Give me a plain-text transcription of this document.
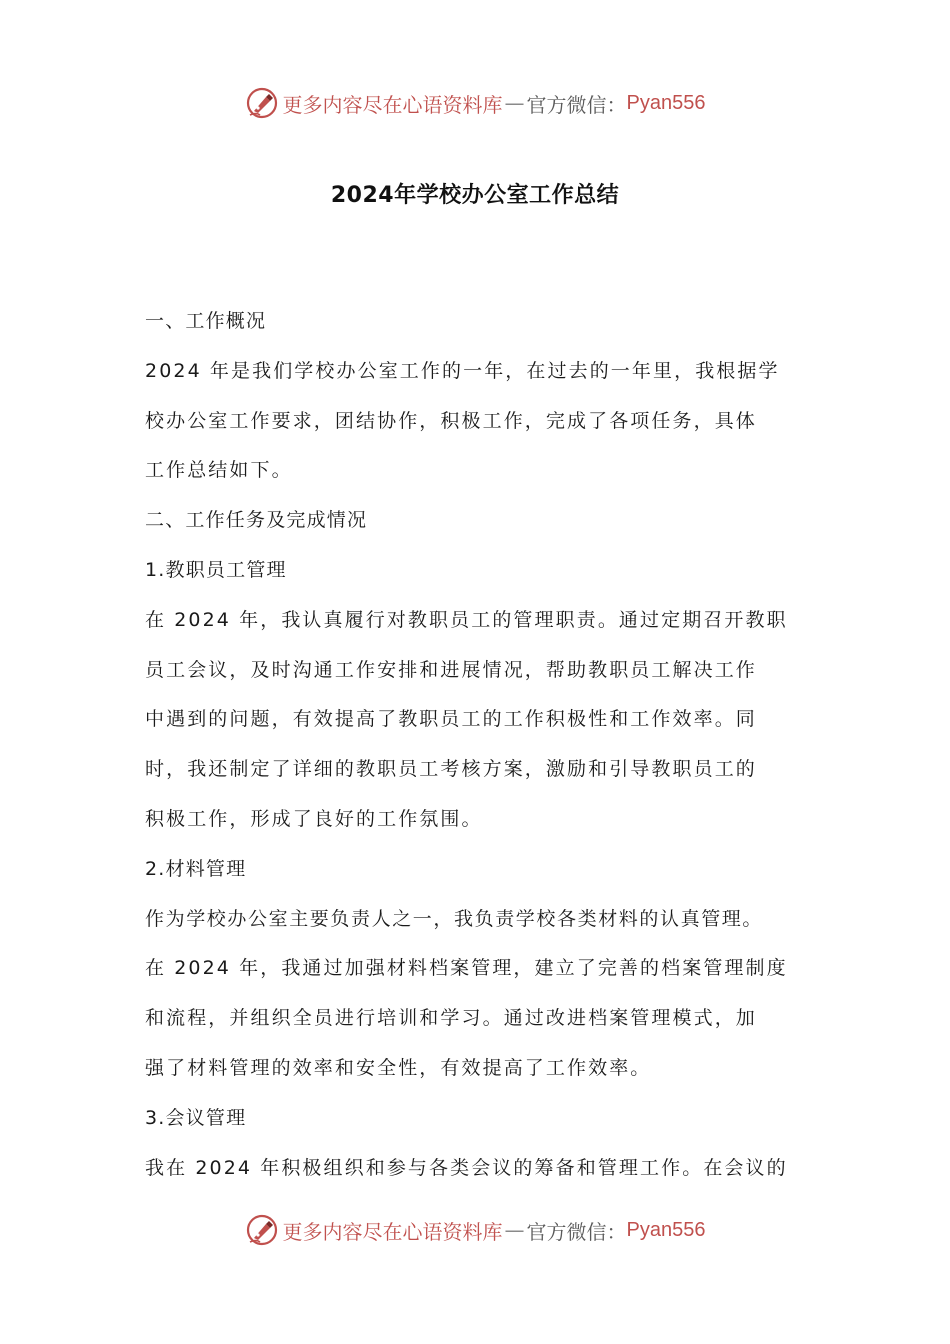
更多内容尽在心语资料库 — 官方微信： Pyan556
2024年学校办公室工作总结
一、工作概况
2024 年是我们学校办公室工作的一年，在过去的一年里，我根据学
校办公室工作要求，团结协作，积极工作，完成了各项任务，具体
工作总结如下。
二、工作任务及完成情况
1.教职员工管理
在 2024 年，我认真履行对教职员工的管理职责。通过定期召开教职
员工会议，及时沟通工作安排和进展情况，帮助教职员工解决工作
中遇到的问题，有效提高了教职员工的工作积极性和工作效率。同
时，我还制定了详细的教职员工考核方案，激励和引导教职员工的
积极工作，形成了良好的工作氛围。
2.材料管理
作为学校办公室主要负责人之一，我负责学校各类材料的认真管理。
在 2024 年，我通过加强材料档案管理，建立了完善的档案管理制度
和流程，并组织全员进行培训和学习。通过改进档案管理模式，加
强了材料管理的效率和安全性，有效提高了工作效率。
3.会议管理
我在 2024 年积极组织和参与各类会议的筹备和管理工作。在会议的
更多内容尽在心语资料库 — 官方微信： Pyan556
